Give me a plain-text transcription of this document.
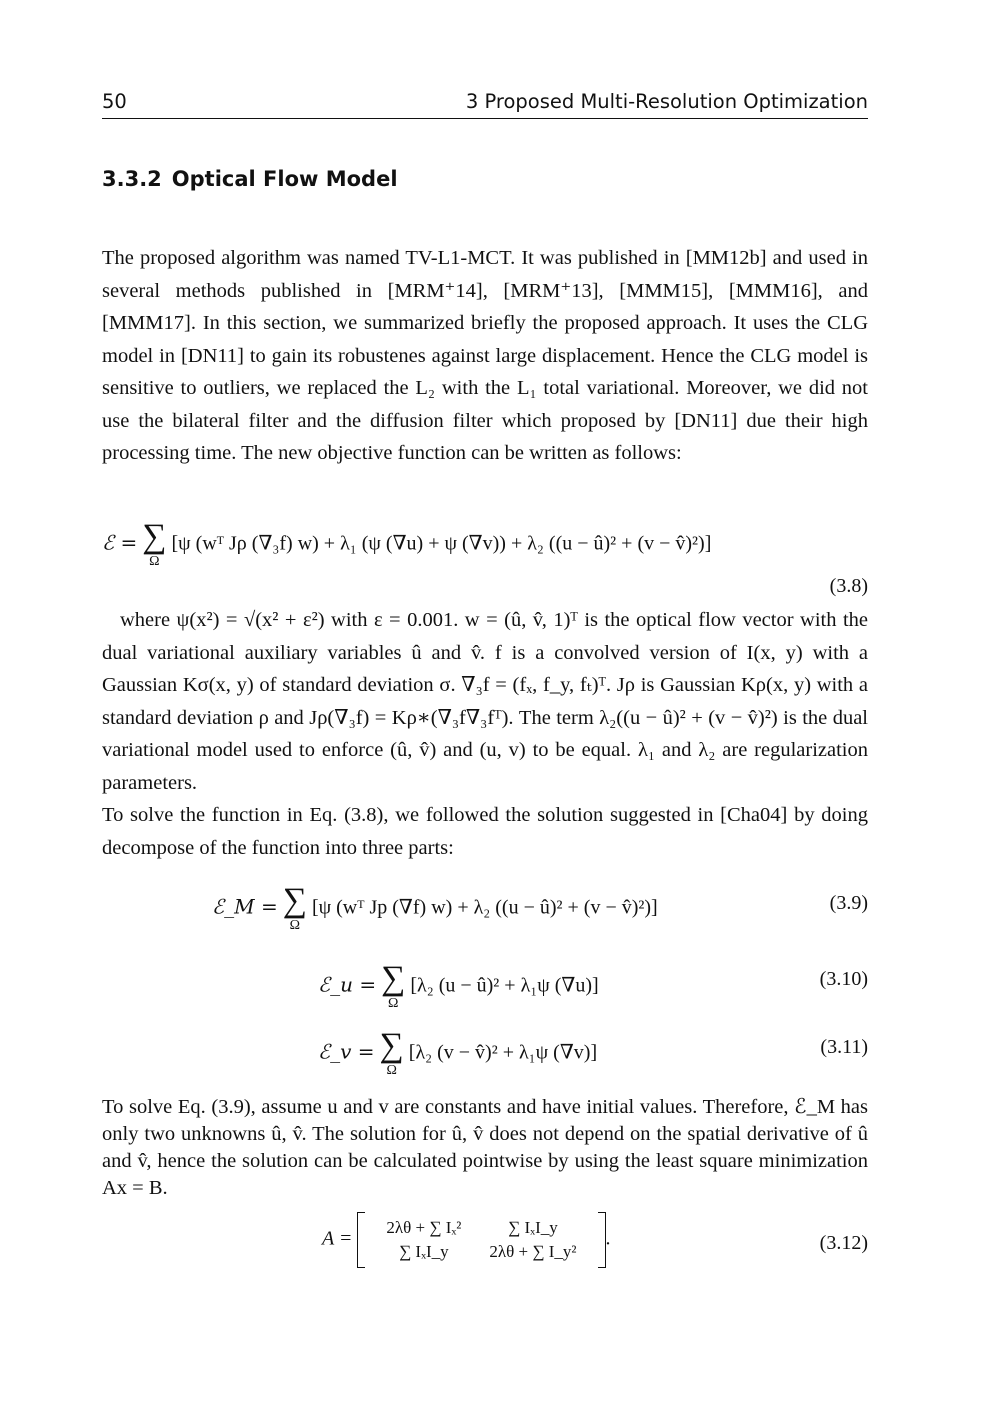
50	3 Proposed Multi-Resolution Optimization
3.3.2 Optical Flow Model

The proposed algorithm was named TV-L1-MCT. It was published in [MM12b] and used in several methods published in [MRM⁺14], [MRM⁺13], [MMM15], [MMM16], and [MMM17]. In this section, we summarized briefly the proposed approach. It uses the CLG model in [DN11] to gain its robustenes against large displacement. Hence the CLG model is sensitive to outliers, we replaced the L₂ with the L₁ total variational. Moreover, we did not use the bilateral filter and the diffusion filter which proposed by [DN11] due their high processing time. The new objective function can be written as follows:

ℰ = ∑
Ω
[ψ (wᵀ Jρ (∇₃f) w) + λ₁ (ψ (∇u) + ψ (∇v)) + λ₂ ((u − û)² + (v − v̂)²)]
(3.8)

where ψ(x²) = √(x² + ε²) with ε = 0.001. w = (û, v̂, 1)ᵀ is the optical flow vector with the dual variational auxiliary variables û and v̂. f is a convolved version of I(x, y) with a Gaussian Kσ(x, y) of standard deviation σ. ∇₃f = (fₓ, f_y, fₜ)ᵀ. Jρ is Gaussian Kρ(x, y) with a standard deviation ρ and Jρ(∇₃f) = Kρ∗(∇₃f∇₃fᵀ). The term λ₂((u − û)² + (v − v̂)²) is the dual variational model used to enforce (û, v̂) and (u, v) to be equal. λ₁ and λ₂ are regularization parameters.

To solve the function in Eq. (3.8), we followed the solution suggested in [Cha04] by doing decompose of the function into three parts:

ℰ_M = ∑
Ω
[ψ (wᵀ Jp (∇f) w) + λ₂ ((u − û)² + (v − v̂)²)]	(3.9)
ℰ_u = ∑
Ω
[λ₂ (u − û)² + λ₁ψ (∇u)]	(3.10)
ℰ_v = ∑
Ω
[λ₂ (v − v̂)² + λ₁ψ (∇v)]	(3.11)

To solve Eq. (3.9), assume u and v are constants and have initial values. Therefore, ℰ_M has only two unknowns û, v̂. The solution for û, v̂ does not depend on the spatial derivative of û and v̂, hence the solution can be calculated pointwise by using the least square minimization Ax = B.

A =
2λθ + ∑ Iₓ²	∑ IₓI_y
∑ IₓI_y	2λθ + ∑ I_y²
.	(3.12)
